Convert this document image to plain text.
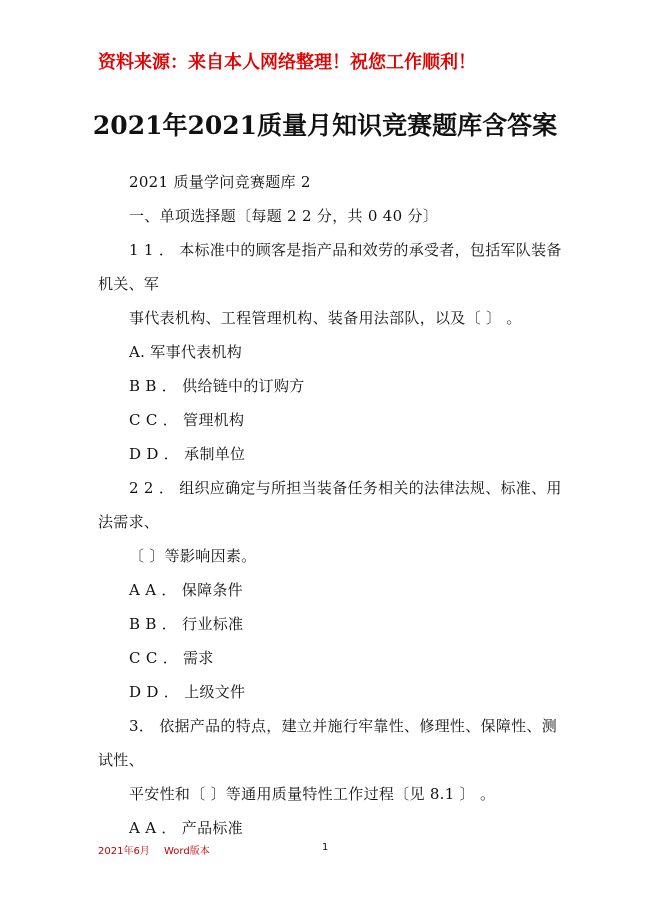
资料来源：来自本人网络整理！祝您工作顺利！
2021年2021质量月知识竞赛题库含答案
2021 质量学问竞赛题库 2
一、单项选择题〔每题 2 2 分，共 0 40 分〕
1 1 ． 本标准中的顾客是指产品和效劳的承受者，包括军队装备
机关、军
事代表机构、工程管理机构、装备用法部队，以及〔 〕 。
A. 军事代表机构
B B ． 供给链中的订购方
C C ． 管理机构
D D ． 承制单位
2 2 ． 组织应确定与所担当装备任务相关的法律法规、标准、用
法需求、
〔 〕等影响因素。
A A ． 保障条件
B B ． 行业标准
C C ． 需求
D D ． 上级文件
3． 依据产品的特点，建立并施行牢靠性、修理性、保障性、测
试性、
平安性和〔 〕等通用质量特性工作过程〔见 8.1 〕 。
A A ． 产品标准
2021年6月 Word版本	1
